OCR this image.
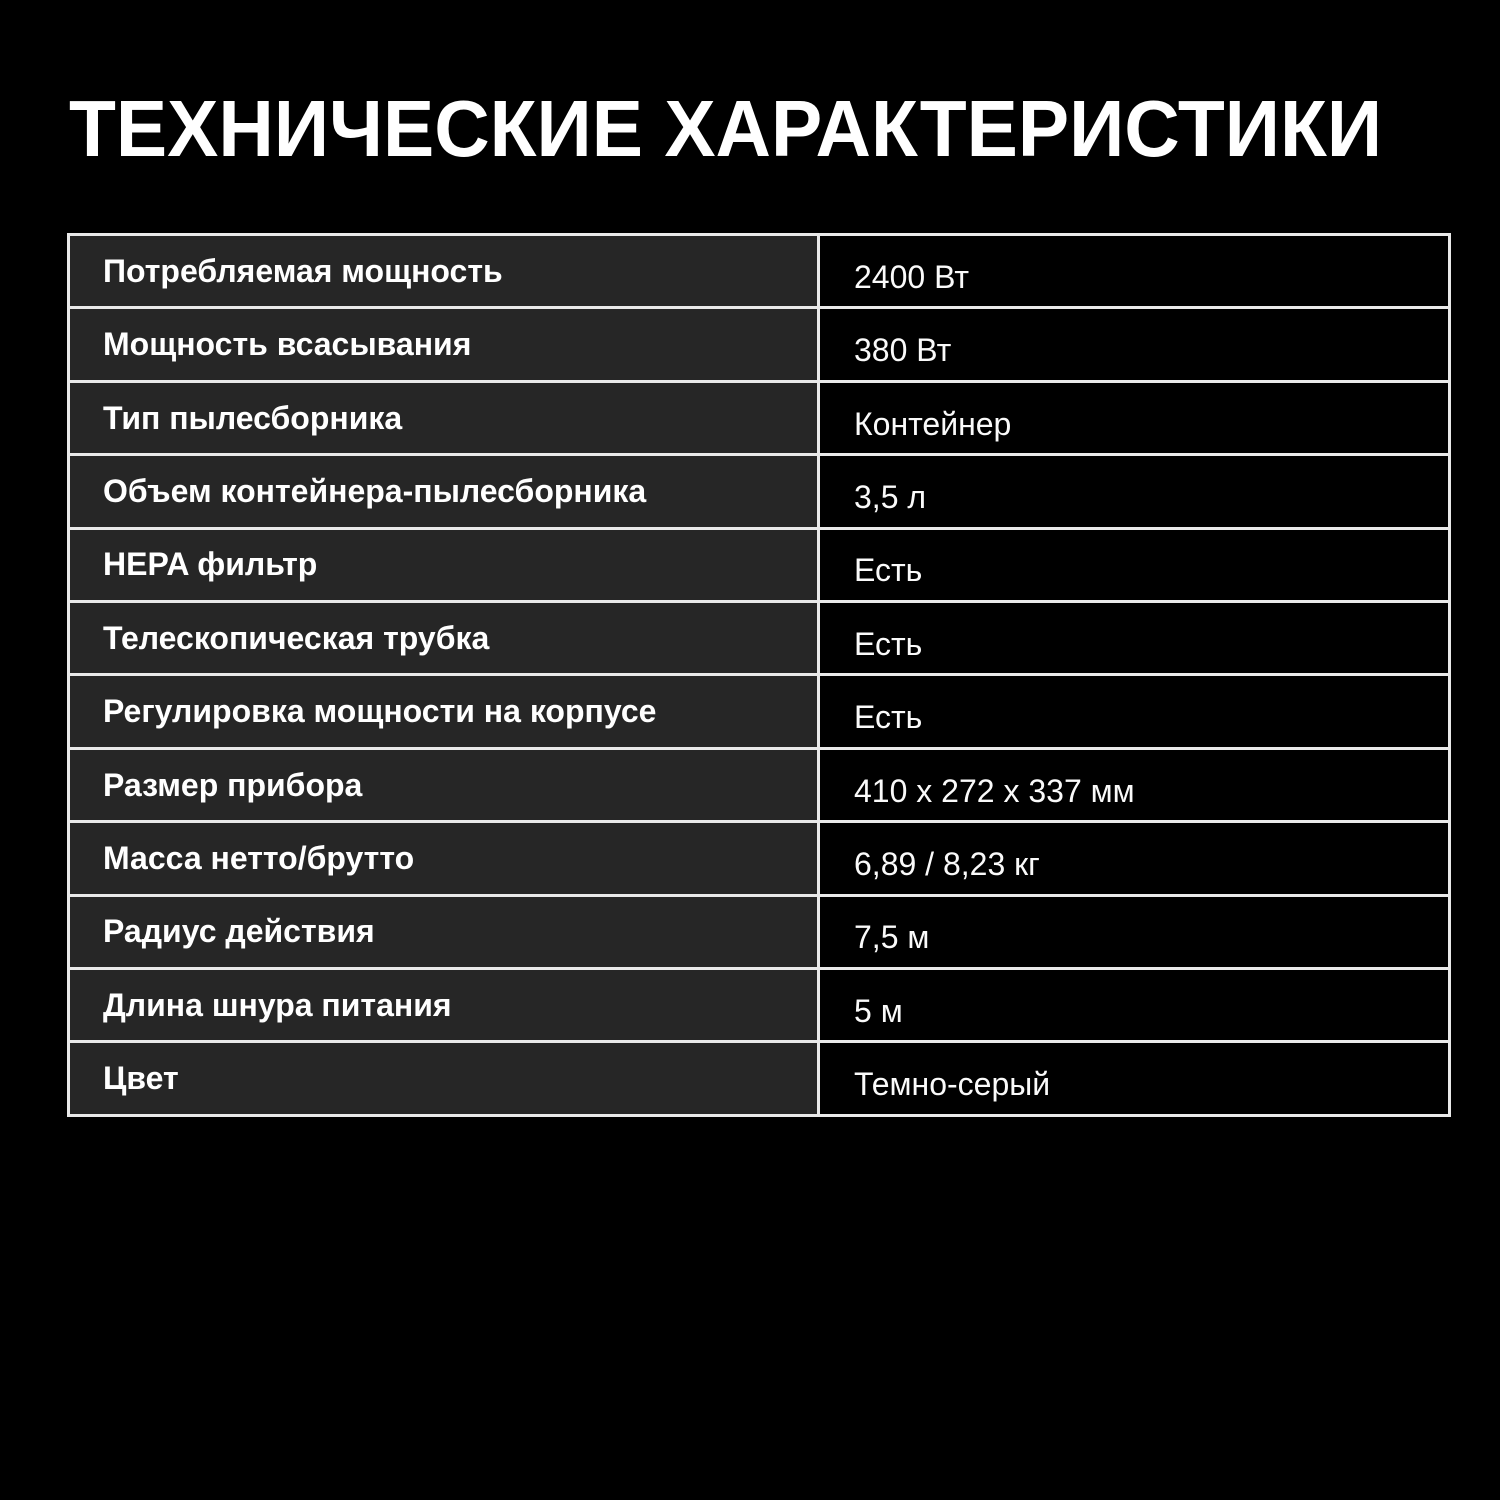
ТЕХНИЧЕСКИЕ ХАРАКТЕРИСТИКИ
Потребляемая мощность	2400 Вт
Мощность всасывания	380 Вт
Тип пылесборника	Контейнер
Объем контейнера-пылесборника	3,5 л
HEPA фильтр	Есть
Телескопическая трубка	Есть
Регулировка мощности на корпусе	Есть
Размер прибора	410 x 272 x 337 мм
Масса нетто/брутто	6,89 / 8,23 кг
Радиус действия	7,5 м
Длина шнура питания	5 м
Цвет	Темно-серый
